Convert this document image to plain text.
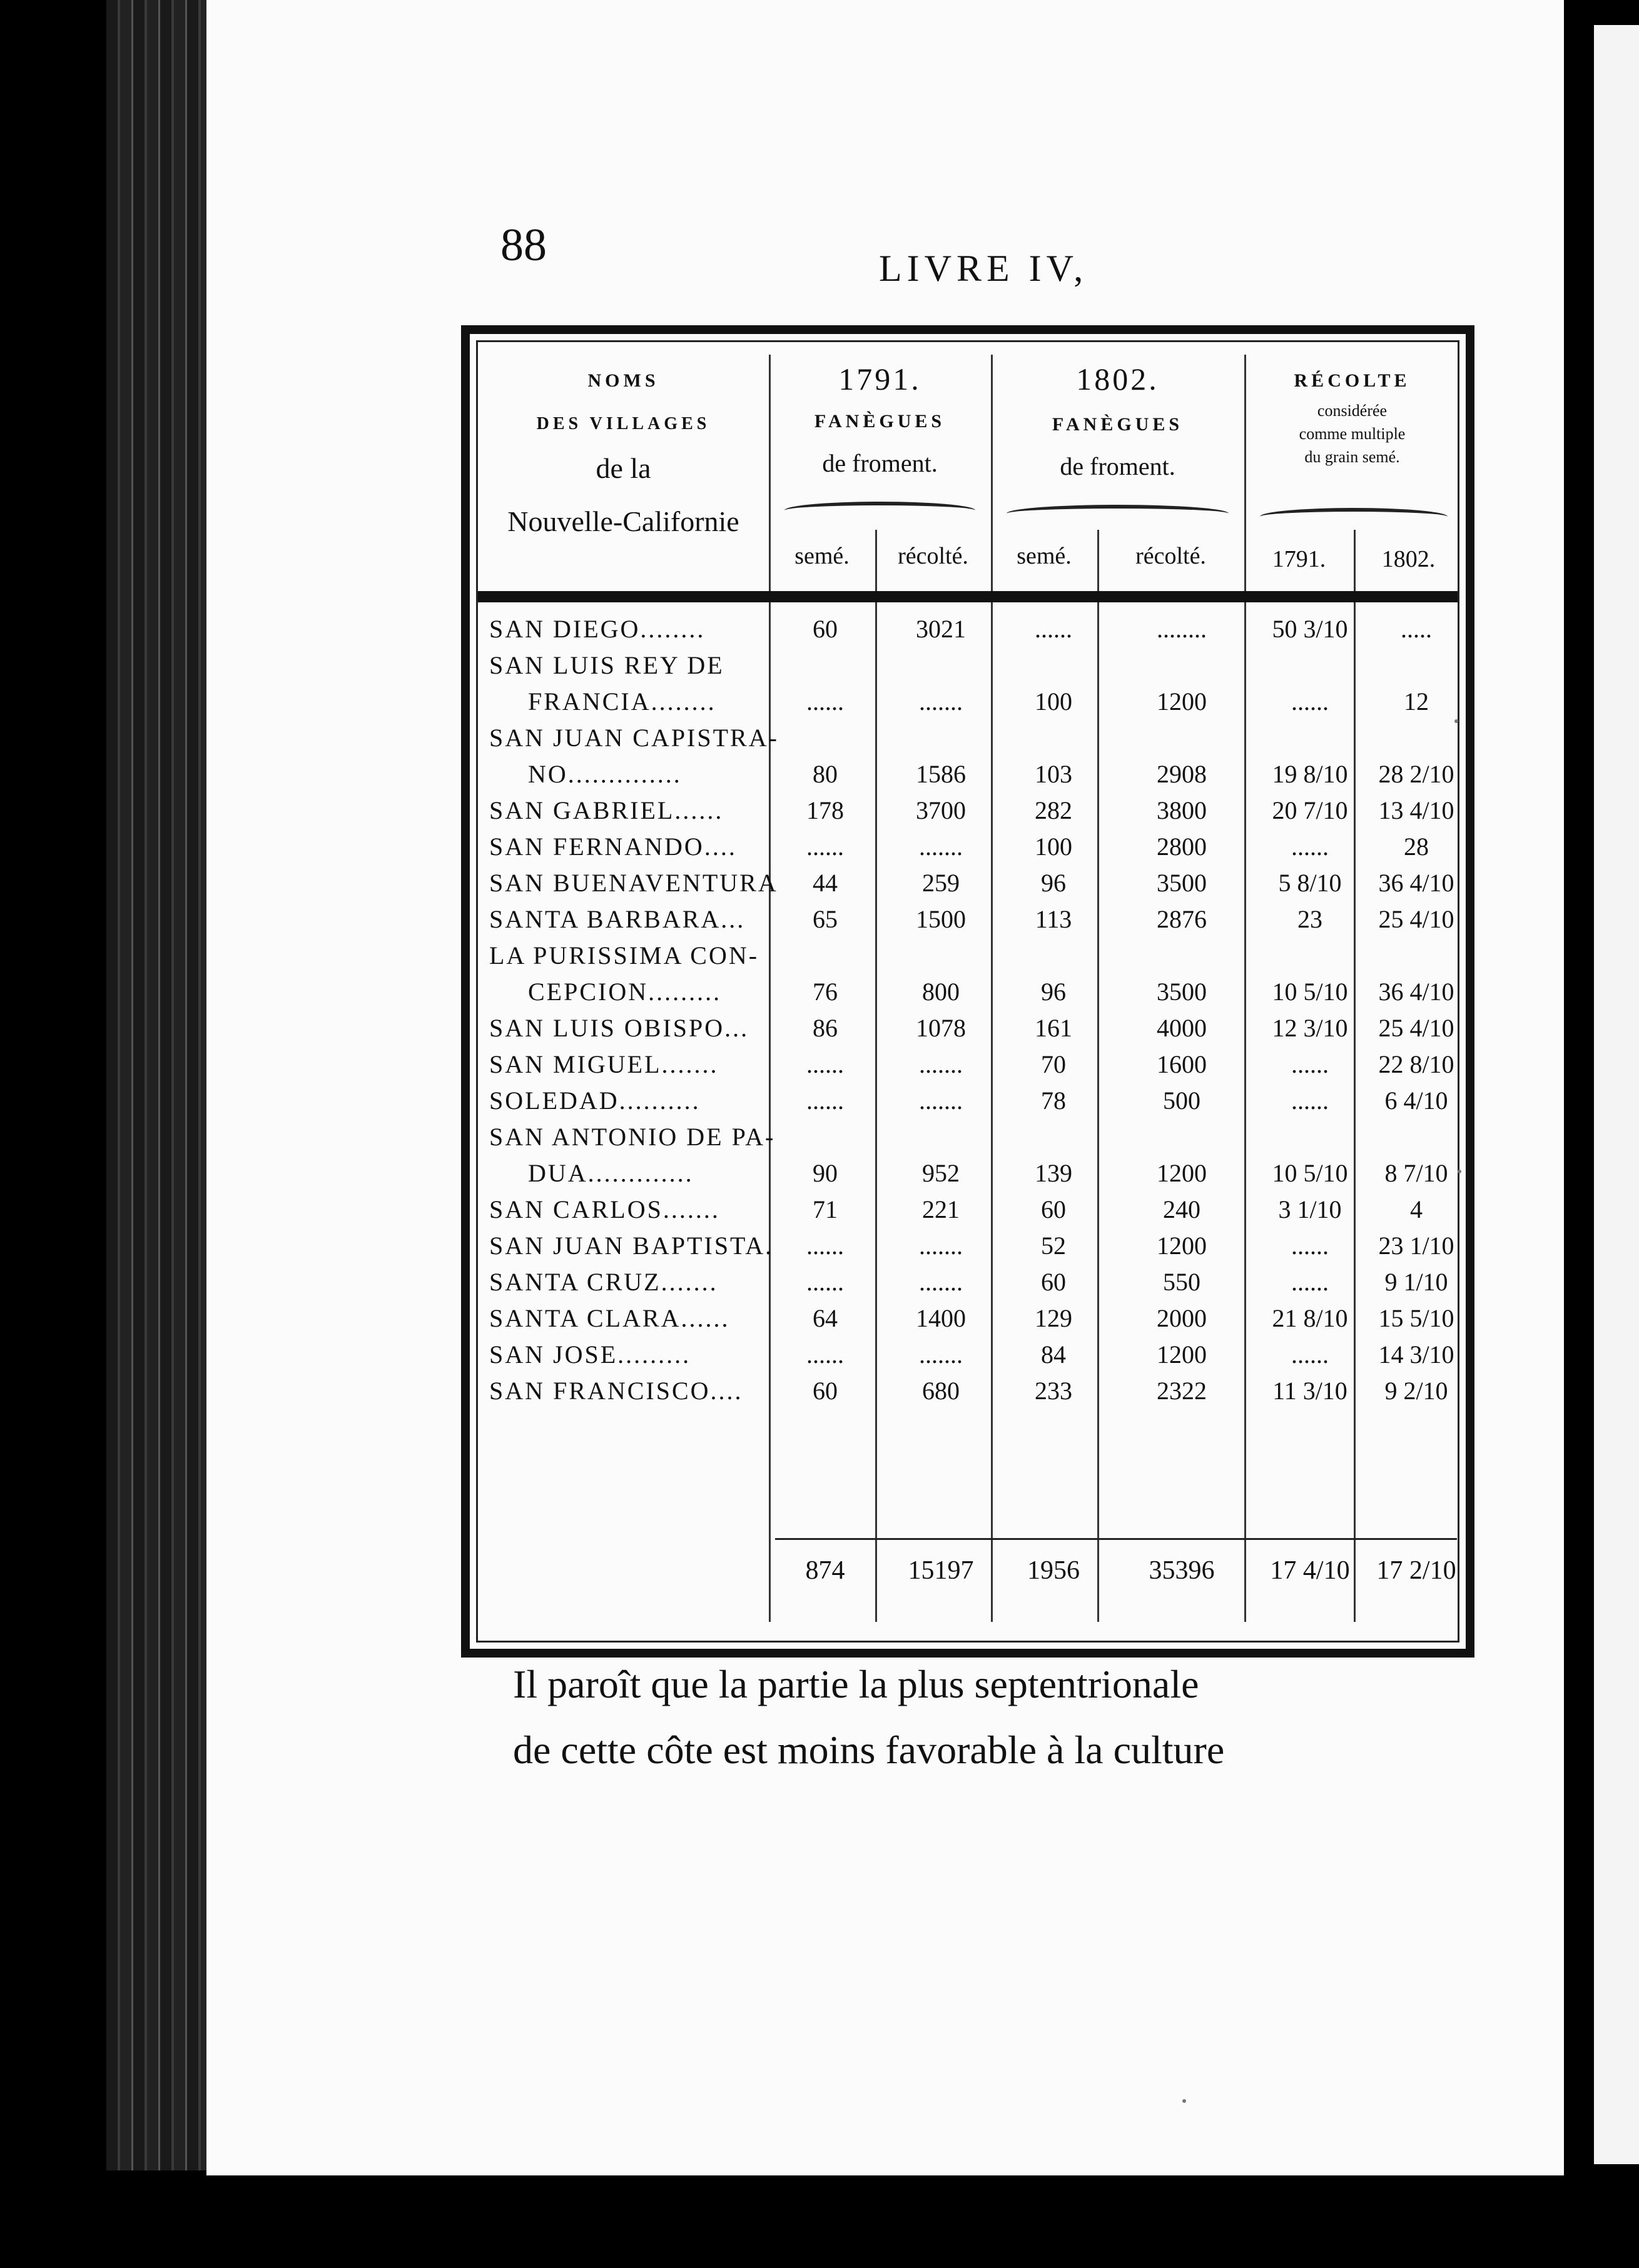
88	LIVRE IV,
NOMS
DES VILLAGES
de la
Nouvelle-Californie
1791.
FANÈGUES
de froment.
1802.
FANÈGUES
de froment.
RÉCOLTE
considérée
comme multiple
du grain semé.
semé.	récolté.	semé.	récolté.	1791.	1802.
SAN DIEGO........	60	3021	......	........	50 3/10	.....
SAN LUIS REY DE
FRANCIA........	......	.......	100	1200	......	12
SAN JUAN CAPISTRA-
NO..............	80	1586	103	2908	19 8/10	28 2/10
SAN GABRIEL......	178	3700	282	3800	20 7/10	13 4/10
SAN FERNANDO....	......	.......	100	2800	......	28
SAN BUENAVENTURA	44	259	96	3500	5 8/10	36 4/10
SANTA BARBARA...	65	1500	113	2876	23	25 4/10
LA PURISSIMA CON-
CEPCION.........	76	800	96	3500	10 5/10	36 4/10
SAN LUIS OBISPO...	86	1078	161	4000	12 3/10	25 4/10
SAN MIGUEL.......	......	.......	70	1600	......	22 8/10
SOLEDAD..........	......	.......	78	500	......	6 4/10
SAN ANTONIO DE PA-
DUA.............	90	952	139	1200	10 5/10	8 7/10
SAN CARLOS.......	71	221	60	240	3 1/10	4
SAN JUAN BAPTISTA.	......	.......	52	1200	......	23 1/10
SANTA CRUZ.......	......	.......	60	550	......	9 1/10
SANTA CLARA......	64	1400	129	2000	21 8/10	15 5/10
SAN JOSE.........	......	.......	84	1200	......	14 3/10
SAN FRANCISCO....	60	680	233	2322	11 3/10	9 2/10
874	15197	1956	35396	17 4/10	17 2/10
Il paroît que la partie la plus septentrionale
de cette côte est moins favorable à la culture
